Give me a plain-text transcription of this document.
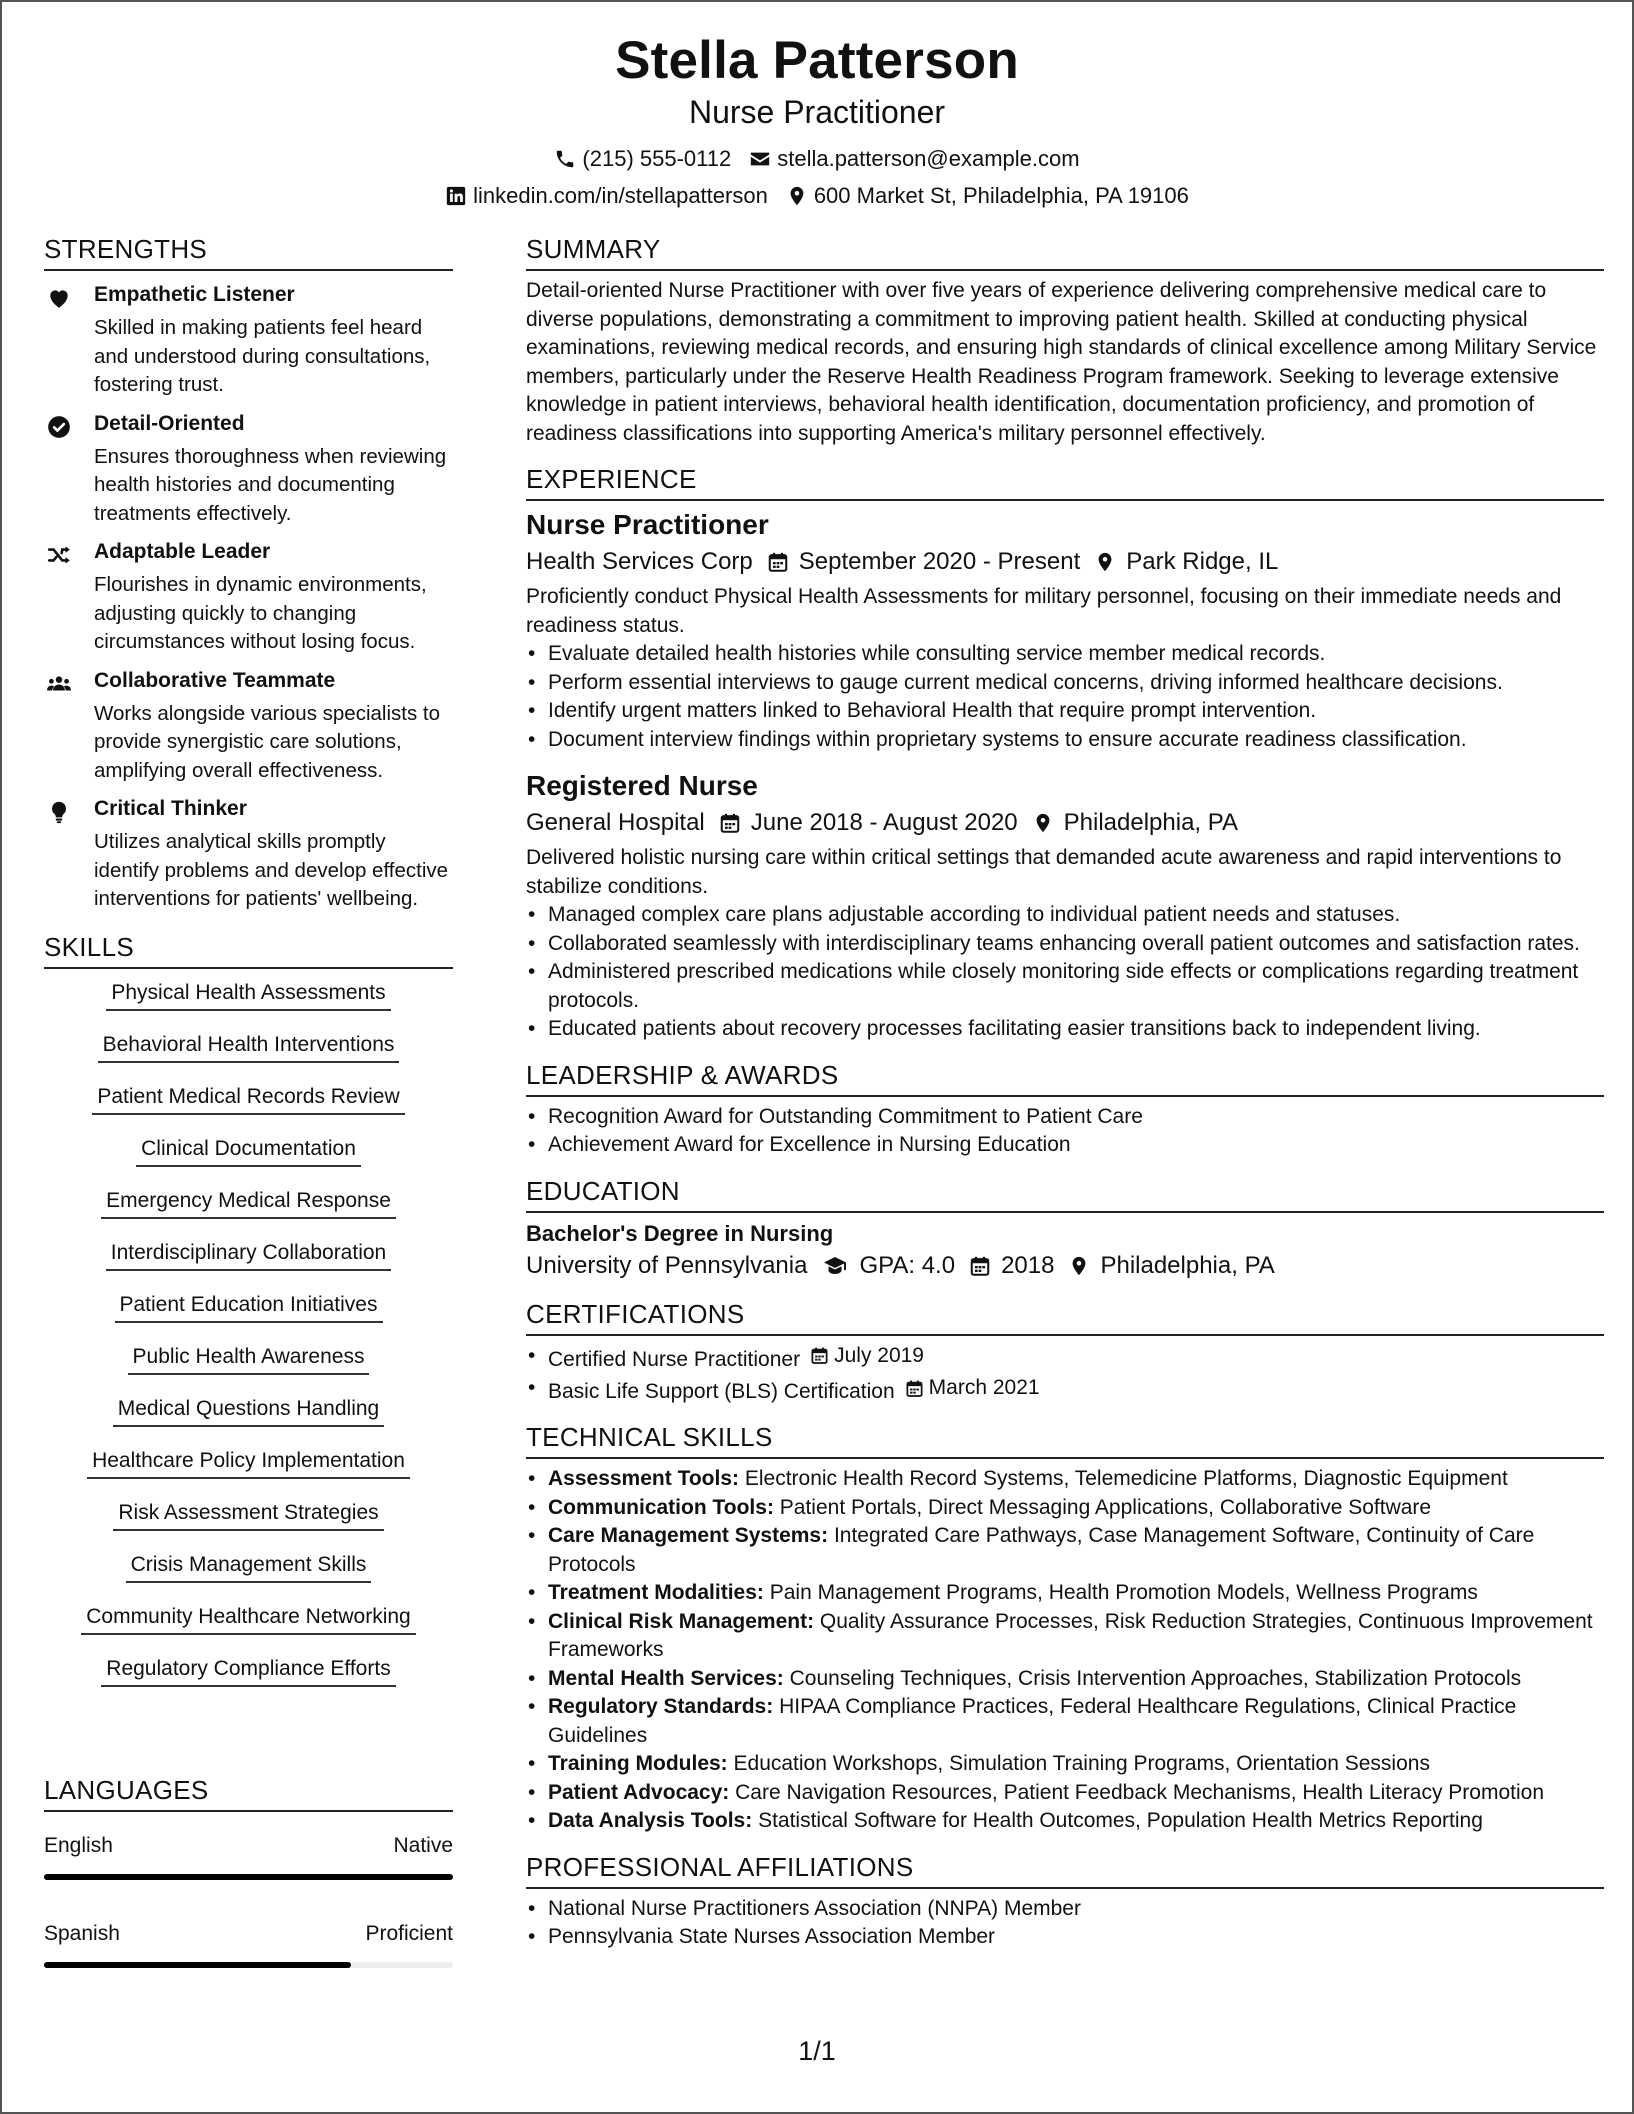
Stella Patterson
Nurse Practitioner
(215) 555-0112 stella.patterson@example.com
linkedin.com/in/stellapatterson 600 Market St, Philadelphia, PA 19106
STRENGTHS
Empathetic Listener
Skilled in making patients feel heard and understood during consultations, fostering trust.
Detail-Oriented
Ensures thoroughness when reviewing health histories and documenting treatments effectively.
Adaptable Leader
Flourishes in dynamic environments, adjusting quickly to changing circumstances without losing focus.
Collaborative Teammate
Works alongside various specialists to provide synergistic care solutions, amplifying overall effectiveness.
Critical Thinker
Utilizes analytical skills promptly identify problems and develop effective interventions for patients' wellbeing.
SKILLS
Physical Health Assessments
Behavioral Health Interventions
Patient Medical Records Review
Clinical Documentation
Emergency Medical Response
Interdisciplinary Collaboration
Patient Education Initiatives
Public Health Awareness
Medical Questions Handling
Healthcare Policy Implementation
Risk Assessment Strategies
Crisis Management Skills
Community Healthcare Networking
Regulatory Compliance Efforts
LANGUAGES
English	Native
Spanish	Proficient
SUMMARY
Detail-oriented Nurse Practitioner with over five years of experience delivering comprehensive medical care to diverse populations, demonstrating a commitment to improving patient health. Skilled at conducting physical examinations, reviewing medical records, and ensuring high standards of clinical excellence among Military Service members, particularly under the Reserve Health Readiness Program framework. Seeking to leverage extensive knowledge in patient interviews, behavioral health identification, documentation proficiency, and promotion of readiness classifications into supporting America's military personnel effectively.
EXPERIENCE
Nurse Practitioner
Health Services Corp September 2020 - Present Park Ridge, IL
Proficiently conduct Physical Health Assessments for military personnel, focusing on their immediate needs and readiness status.
• Evaluate detailed health histories while consulting service member medical records.
• Perform essential interviews to gauge current medical concerns, driving informed healthcare decisions.
• Identify urgent matters linked to Behavioral Health that require prompt intervention.
• Document interview findings within proprietary systems to ensure accurate readiness classification.
Registered Nurse
General Hospital June 2018 - August 2020 Philadelphia, PA
Delivered holistic nursing care within critical settings that demanded acute awareness and rapid interventions to stabilize conditions.
• Managed complex care plans adjustable according to individual patient needs and statuses.
• Collaborated seamlessly with interdisciplinary teams enhancing overall patient outcomes and satisfaction rates.
• Administered prescribed medications while closely monitoring side effects or complications regarding treatment protocols.
• Educated patients about recovery processes facilitating easier transitions back to independent living.
LEADERSHIP & AWARDS
• Recognition Award for Outstanding Commitment to Patient Care
• Achievement Award for Excellence in Nursing Education
EDUCATION
Bachelor's Degree in Nursing
University of Pennsylvania GPA: 4.0 2018 Philadelphia, PA
CERTIFICATIONS
• Certified Nurse Practitioner July 2019
• Basic Life Support (BLS) Certification March 2021
TECHNICAL SKILLS
• Assessment Tools: Electronic Health Record Systems, Telemedicine Platforms, Diagnostic Equipment
• Communication Tools: Patient Portals, Direct Messaging Applications, Collaborative Software
• Care Management Systems: Integrated Care Pathways, Case Management Software, Continuity of Care Protocols
• Treatment Modalities: Pain Management Programs, Health Promotion Models, Wellness Programs
• Clinical Risk Management: Quality Assurance Processes, Risk Reduction Strategies, Continuous Improvement Frameworks
• Mental Health Services: Counseling Techniques, Crisis Intervention Approaches, Stabilization Protocols
• Regulatory Standards: HIPAA Compliance Practices, Federal Healthcare Regulations, Clinical Practice Guidelines
• Training Modules: Education Workshops, Simulation Training Programs, Orientation Sessions
• Patient Advocacy: Care Navigation Resources, Patient Feedback Mechanisms, Health Literacy Promotion
• Data Analysis Tools: Statistical Software for Health Outcomes, Population Health Metrics Reporting
PROFESSIONAL AFFILIATIONS
• National Nurse Practitioners Association (NNPA) Member
• Pennsylvania State Nurses Association Member
1/1
